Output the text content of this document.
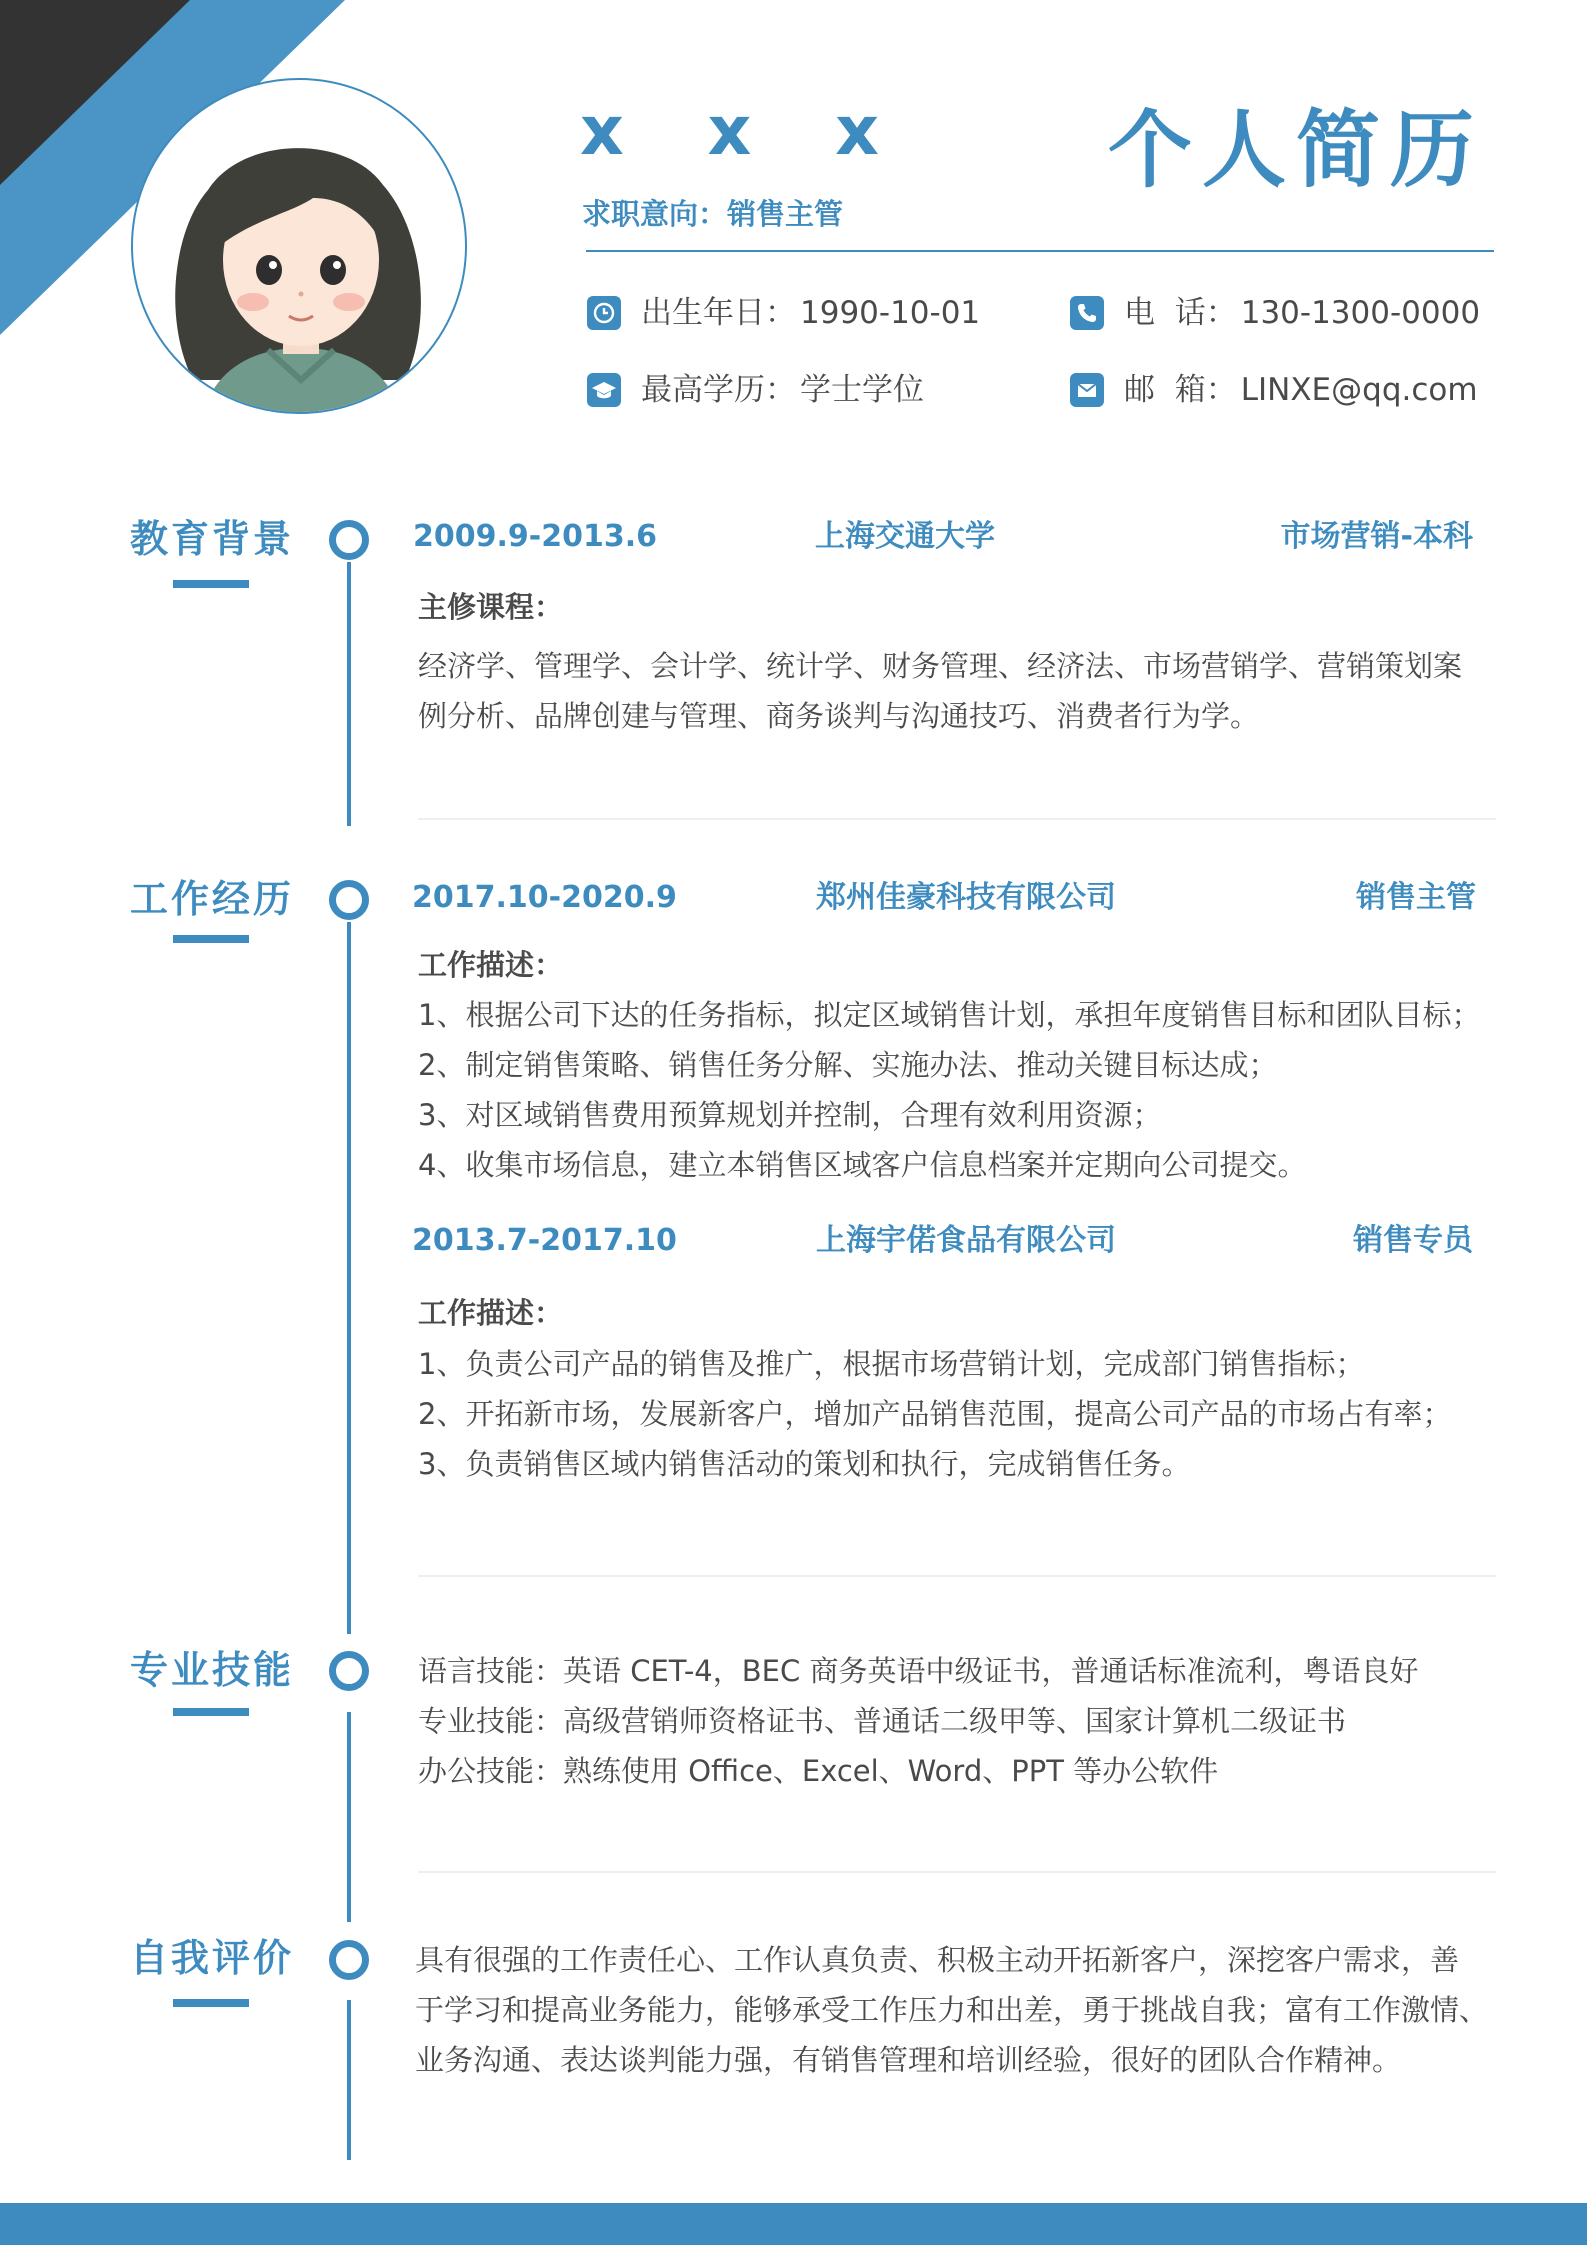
x x x 个人简历
求职意向：销售主管
出生年日： 1990-10-01	电  话： 130-1300-0000
最高学历： 学士学位	邮  箱： LINXE@qq.com
教育背景	2009.9-2013.6	上海交通大学	市场营销-本科
主修课程：
经济学、管理学、会计学、统计学、财务管理、经济法、市场营销学、营销策划案
例分析、品牌创建与管理、商务谈判与沟通技巧、消费者行为学。
工作经历	2017.10-2020.9	郑州佳豪科技有限公司	销售主管
工作描述：
1、根据公司下达的任务指标，拟定区域销售计划，承担年度销售目标和团队目标；
2、制定销售策略、销售任务分解、实施办法、推动关键目标达成；
3、对区域销售费用预算规划并控制，合理有效利用资源；
4、收集市场信息，建立本销售区域客户信息档案并定期向公司提交。
2013.7-2017.10	上海宇偌食品有限公司	销售专员
工作描述：
1、负责公司产品的销售及推广，根据市场营销计划，完成部门销售指标；
2、开拓新市场，发展新客户，增加产品销售范围，提高公司产品的市场占有率；
3、负责销售区域内销售活动的策划和执行，完成销售任务。
专业技能	语言技能：英语 CET-4，BEC 商务英语中级证书，普通话标准流利，粤语良好
专业技能：高级营销师资格证书、普通话二级甲等、国家计算机二级证书
办公技能：熟练使用 Office、Excel、Word、PPT 等办公软件
自我评价	具有很强的工作责任心、工作认真负责、积极主动开拓新客户，深挖客户需求，善
于学习和提高业务能力，能够承受工作压力和出差，勇于挑战自我；富有工作激情、
业务沟通、表达谈判能力强，有销售管理和培训经验，很好的团队合作精神。
